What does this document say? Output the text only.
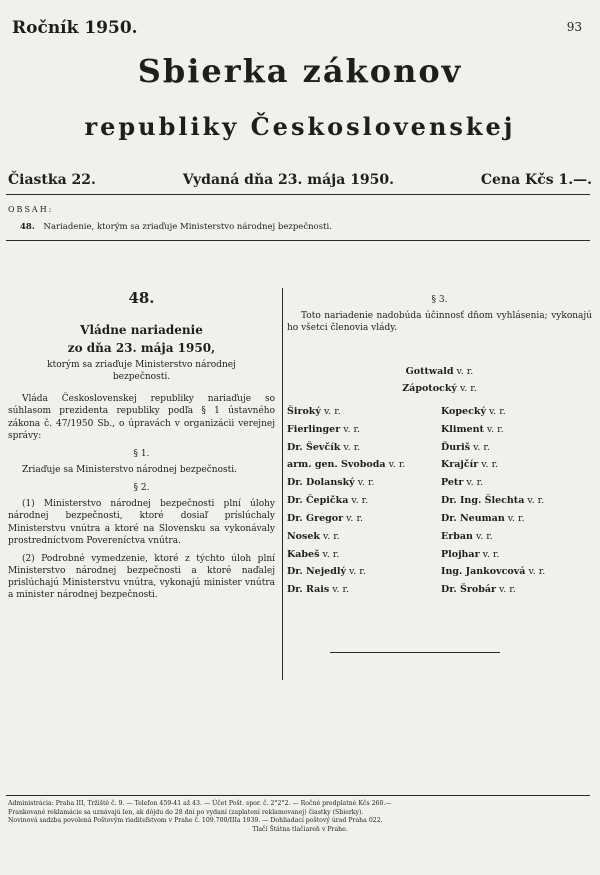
Ročník 1950.	93
Sbierka zákonov
republiky Československej
Čiastka 22.	Vydaná dňa 23. mája 1950.	Cena Kčs 1.—.
OBSAH:
48. Nariadenie, ktorým sa zriaďuje Ministerstvo národnej bezpečnosti.
48.
Vládne nariadenie
zo dňa 23. mája 1950,
ktorým sa zriaďuje Ministerstvo národnej bezpečnosti.

Vláda Československej republiky nariaďuje so súhlasom prezidenta republiky podľa § 1 ústavného zákona č. 47/1950 Sb., o úpravách v organizácii verejnej správy:

§ 1.

Zriaďuje sa Ministerstvo národnej bezpečnosti.

§ 2.

(1) Ministerstvo národnej bezpečnosti plní úlohy národnej bezpečnosti, ktoré dosiaľ príslúchaly Ministerstvu vnútra a ktoré na Slovensku sa vykonávaly prostredníctvom Povereníctva vnútra.

(2) Podrobné vymedzenie, ktoré z týchto úloh plní Ministerstvo národnej bezpečnosti a ktoré naďalej prislúchajú Ministerstvu vnútra, vykonajú minister vnútra a minister národnej bezpečnosti.

§ 3.

Toto nariadenie nadobúda účinnosť dňom vyhlásenia; vykonajú ho všetci členovia vlády.

Gottwald v. r.
Zápotocký v. r.
Široký v. r.	Kopecký v. r.
Fierlinger v. r.	Kliment v. r.
Dr. Ševčík v. r.	Ďuriš v. r.
arm. gen. Svoboda v. r.	Krajčír v. r.
Dr. Dolanský v. r.	Petr v. r.
Dr. Čepička v. r.	Dr. Ing. Šlechta v. r.
Dr. Gregor v. r.	Dr. Neuman v. r.
Nosek v. r.	Erban v. r.
Kabeš v. r.	Plojhar v. r.
Dr. Nejedlý v. r.	Ing. Jankovcová v. r.
Dr. Rais v. r.	Dr. Šrobár v. r.
Administrácia: Praha III, Tržiště č. 9. — Telefon 459-41 až 43. — Účet Pošt. spor. č. 2°2°2. — Ročné predplatné Kčs 260.—
Frankované reklamácie sa uznávajú len, ak dôjdu do 28 dní po vydaní (zaplatení reklamovanej) čiastky (Sbierky).
Novinová sadzba povolená Poštovým riaditeľstvom v Prahe č. 109.700/IIIa 1939. — Dohliadací poštový úrad Praha 022.
Tlačí Štátna tlačiareň v Prahe.
